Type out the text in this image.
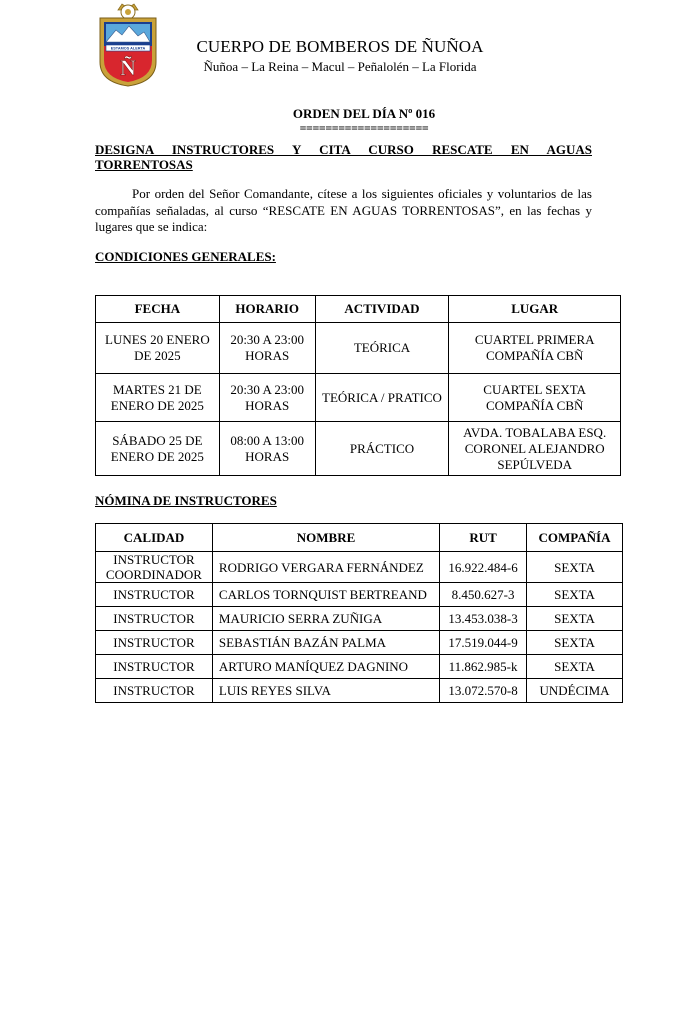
ESTAMOS ALERTA
Ñ
CUERPO DE BOMBEROS DE ÑUÑOA
Ñuñoa – La Reina – Macul – Peñalolén – La Florida
ORDEN DEL DÍA Nº 016
====================
DESIGNA INSTRUCTORES Y CITA CURSO RESCATE EN AGUAS
TORRENTOSAS
Por orden del Señor Comandante, cítese a los siguientes oficiales y voluntarios de las compañías señaladas, al curso “RESCATE EN AGUAS TORRENTOSAS”, en las fechas y lugares que se indica:
CONDICIONES GENERALES:
FECHA	HORARIO	ACTIVIDAD	LUGAR
LUNES 20 ENERO DE 2025	20:30 A 23:00 HORAS	TEÓRICA	CUARTEL PRIMERA COMPAÑÍA CBÑ
MARTES 21 DE ENERO DE 2025	20:30 A 23:00 HORAS	TEÓRICA / PRATICO	CUARTEL SEXTA COMPAÑÍA CBÑ
SÁBADO 25 DE ENERO DE 2025	08:00 A 13:00 HORAS	PRÁCTICO	AVDA. TOBALABA ESQ. CORONEL ALEJANDRO SEPÚLVEDA
NÓMINA DE INSTRUCTORES
CALIDAD	NOMBRE	RUT	COMPAÑÍA
INSTRUCTOR COORDINADOR	RODRIGO VERGARA FERNÁNDEZ	16.922.484-6	SEXTA
INSTRUCTOR	CARLOS TORNQUIST BERTREAND	8.450.627-3	SEXTA
INSTRUCTOR	MAURICIO SERRA ZUÑIGA	13.453.038-3	SEXTA
INSTRUCTOR	SEBASTIÁN BAZÁN PALMA	17.519.044-9	SEXTA
INSTRUCTOR	ARTURO MANÍQUEZ DAGNINO	11.862.985-k	SEXTA
INSTRUCTOR	LUIS REYES SILVA	13.072.570-8	UNDÉCIMA
